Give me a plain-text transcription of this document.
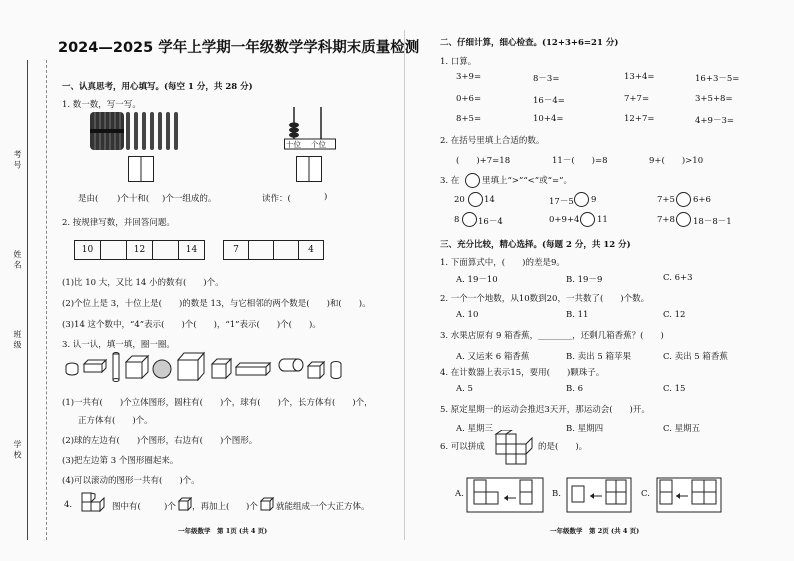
学 校
班 级
姓 名
考 号
2024—2025 学年上学期一年级数学学科期末质量检测
一、认真思考，用心填写。(每空 1 分，共 28 分)
1. 数一数，写一写。
是由( )个十和( )个一组成的。
十位 个位
读作：(	)
2. 按规律写数，并回答问题。
10	12	14	7	4
(1)比 10 大，又比 14 小的数有(　　)个。
(2)个位上是 3，十位上是(　　)的数是 13，与它相邻的两个数是(　　)和(　　)。
(3)14 这个数中，“4”表示(　　)个(　　)，“1”表示(　　)个(　　)。
3. 认一认，填一填，圈一圈。
(1)一共有(　　)个立体图形，圆柱有(　　)个，球有(　　)个，长方体有(　　)个，
正方体有(　　)个。
(2)球的左边有(　　)个图形，右边有(　　)个图形。
(3)把左边第 3 个图形圈起来。
(4)可以滚动的图形一共有(　　)个。
4.	图中有(	)个 ，再加上( )个 就能组成一个大正方体。
一年级数学　第 1页 (共 4 页)
二、仔细计算，细心检查。(12+3+6=21 分)
1. 口算。
3+9=	8－3=	13+4=	16+3－5=
0+6=	16－4=	7+7=	3+5+8=
8+5=	10+4=	12+7=	4+9－3=
2. 在括号里填上合适的数。
(　　)+7=18	11－(　　)=8	9+(　　)>10
3. 在	里填上“>”“<”或“=”。
20 14	17－5 9	7+5 6+6
8 16－4	0+9+4 11	7+8 18－8－1
三、充分比较，精心选择。(每题 2 分，共 12 分)
1. 下面算式中，(　　)的差是9。
A. 19－10	B. 19－9	C. 6+3
2. 一个一个地数，从10数到20，一共数了(　　)个数。
A. 10	B. 11	C. 12
3. 水果店原有 9 箱香蕉，________，还剩几箱香蕉？(　　)
A. 又运来 6 箱香蕉	B. 卖出 5 箱苹果	C. 卖出 5 箱香蕉
4. 在计数器上表示15，要用(　　)颗珠子。
A. 5	B. 6	C. 15
5. 原定星期一的运动会推迟3天开，那运动会(　　)开。
A. 星期三	B. 星期四	C. 星期五
6. 可以拼成	的是(　　)。
A.	B.	C.
一年级数学　第 2页 (共 4 页)
